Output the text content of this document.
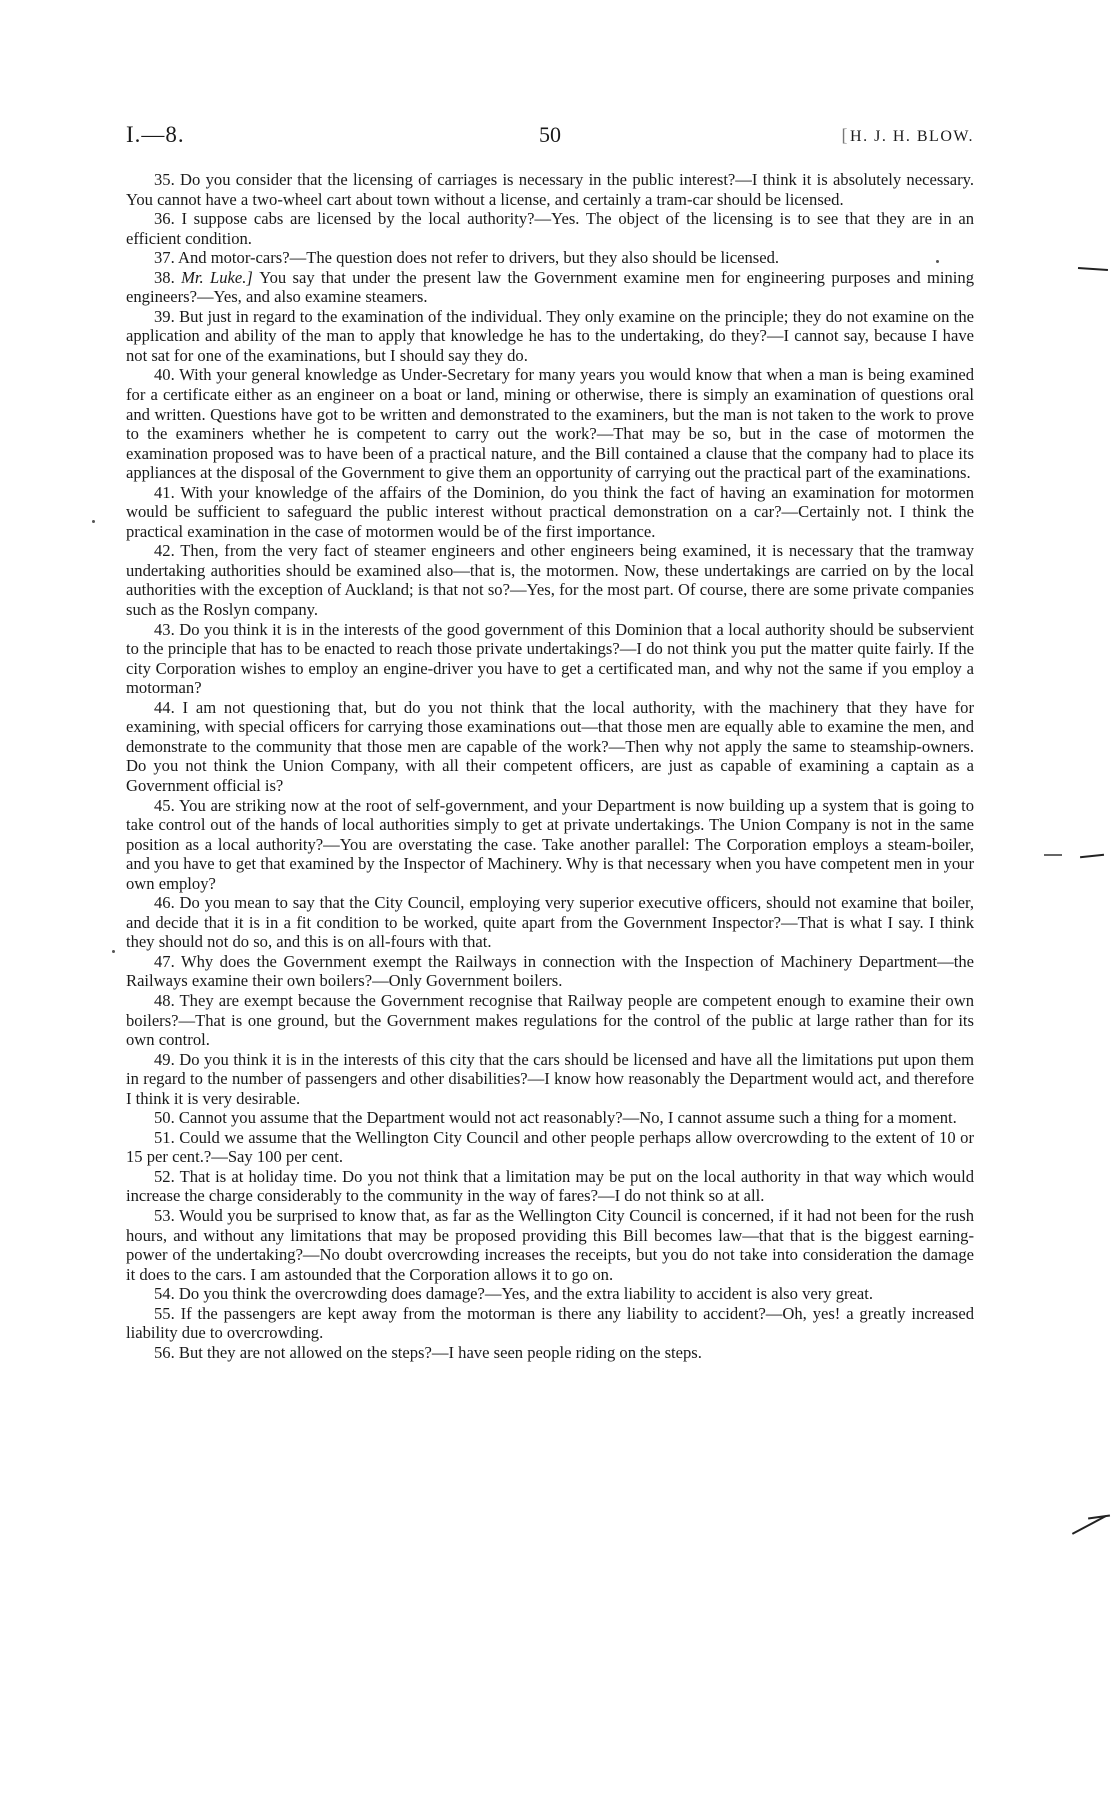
I.—8.	50	[H. J. H. BLOW.

35. Do you consider that the licensing of carriages is necessary in the public interest?—I think it is absolutely necessary. You cannot have a two-wheel cart about town without a license, and certainly a tram-car should be licensed.

36. I suppose cabs are licensed by the local authority?—Yes. The object of the licensing is to see that they are in an efficient condition.

37. And motor-cars?—The question does not refer to drivers, but they also should be licensed.

38. Mr. Luke.] You say that under the present law the Government examine men for engineering purposes and mining engineers?—Yes, and also examine steamers.

39. But just in regard to the examination of the individual. They only examine on the principle; they do not examine on the application and ability of the man to apply that knowledge he has to the undertaking, do they?—I cannot say, because I have not sat for one of the examinations, but I should say they do.

40. With your general knowledge as Under-Secretary for many years you would know that when a man is being examined for a certificate either as an engineer on a boat or land, mining or otherwise, there is simply an examination of questions oral and written. Questions have got to be written and demonstrated to the examiners, but the man is not taken to the work to prove to the examiners whether he is competent to carry out the work?—That may be so, but in the case of motormen the examination proposed was to have been of a practical nature, and the Bill contained a clause that the company had to place its appliances at the disposal of the Government to give them an opportunity of carrying out the practical part of the examinations.

41. With your knowledge of the affairs of the Dominion, do you think the fact of having an examination for motormen would be sufficient to safeguard the public interest without practical demonstration on a car?—Certainly not. I think the practical examination in the case of motormen would be of the first importance.

42. Then, from the very fact of steamer engineers and other engineers being examined, it is necessary that the tramway undertaking authorities should be examined also—that is, the motormen. Now, these undertakings are carried on by the local authorities with the exception of Auckland; is that not so?—Yes, for the most part. Of course, there are some private companies such as the Roslyn company.

43. Do you think it is in the interests of the good government of this Dominion that a local authority should be subservient to the principle that has to be enacted to reach those private undertakings?—I do not think you put the matter quite fairly. If the city Corporation wishes to employ an engine-driver you have to get a certificated man, and why not the same if you employ a motorman?

44. I am not questioning that, but do you not think that the local authority, with the machinery that they have for examining, with special officers for carrying those examinations out—that those men are equally able to examine the men, and demonstrate to the community that those men are capable of the work?—Then why not apply the same to steamship-owners. Do you not think the Union Company, with all their competent officers, are just as capable of examining a captain as a Government official is?

45. You are striking now at the root of self-government, and your Department is now building up a system that is going to take control out of the hands of local authorities simply to get at private undertakings. The Union Company is not in the same position as a local authority?—You are overstating the case. Take another parallel: The Corporation employs a steam-boiler, and you have to get that examined by the Inspector of Machinery. Why is that necessary when you have competent men in your own employ?

46. Do you mean to say that the City Council, employing very superior executive officers, should not examine that boiler, and decide that it is in a fit condition to be worked, quite apart from the Government Inspector?—That is what I say. I think they should not do so, and this is on all-fours with that.

47. Why does the Government exempt the Railways in connection with the Inspection of Machinery Department—the Railways examine their own boilers?—Only Government boilers.

48. They are exempt because the Government recognise that Railway people are competent enough to examine their own boilers?—That is one ground, but the Government makes regulations for the control of the public at large rather than for its own control.

49. Do you think it is in the interests of this city that the cars should be licensed and have all the limitations put upon them in regard to the number of passengers and other disabilities?—I know how reasonably the Department would act, and therefore I think it is very desirable.

50. Cannot you assume that the Department would not act reasonably?—No, I cannot assume such a thing for a moment.

51. Could we assume that the Wellington City Council and other people perhaps allow overcrowding to the extent of 10 or 15 per cent.?—Say 100 per cent.

52. That is at holiday time. Do you not think that a limitation may be put on the local authority in that way which would increase the charge considerably to the community in the way of fares?—I do not think so at all.

53. Would you be surprised to know that, as far as the Wellington City Council is concerned, if it had not been for the rush hours, and without any limitations that may be proposed providing this Bill becomes law—that that is the biggest earning-power of the undertaking?—No doubt overcrowding increases the receipts, but you do not take into consideration the damage it does to the cars. I am astounded that the Corporation allows it to go on.

54. Do you think the overcrowding does damage?—Yes, and the extra liability to accident is also very great.

55. If the passengers are kept away from the motorman is there any liability to accident?—Oh, yes! a greatly increased liability due to overcrowding.

56. But they are not allowed on the steps?—I have seen people riding on the steps.
